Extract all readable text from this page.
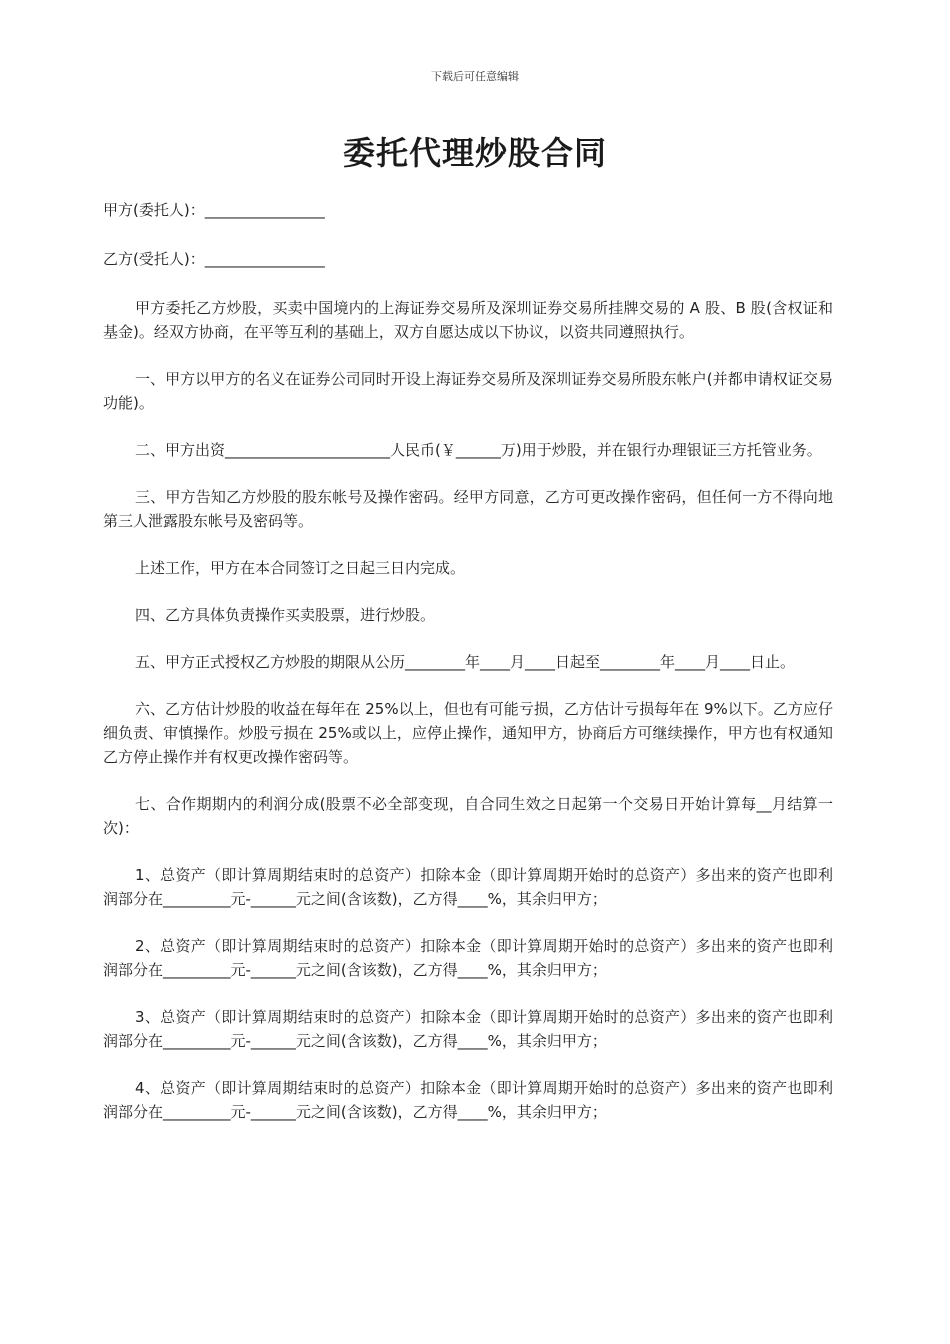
下载后可任意编辑
委托代理炒股合同

甲方(委托人)：________________

乙方(受托人)：________________

甲方委托乙方炒股，买卖中国境内的上海证券交易所及深圳证券交易所挂牌交易的 A 股、B 股(含权证和基金)。经双方协商，在平等互利的基础上，双方自愿达成以下协议，以资共同遵照执行。

一、甲方以甲方的名义在证券公司同时开设上海证券交易所及深圳证券交易所股东帐户(并都申请权证交易功能)。

二、甲方出资______________________人民币(￥______万)用于炒股，并在银行办理银证三方托管业务。

三、甲方告知乙方炒股的股东帐号及操作密码。经甲方同意，乙方可更改操作密码，但任何一方不得向地第三人泄露股东帐号及密码等。

上述工作，甲方在本合同签订之日起三日内完成。

四、乙方具体负责操作买卖股票，进行炒股。

五、甲方正式授权乙方炒股的期限从公历________年____月____日起至________年____月____日止。

六、乙方估计炒股的收益在每年在 25%以上，但也有可能亏损，乙方估计亏损每年在 9%以下。乙方应仔细负责、审慎操作。炒股亏损在 25%或以上，应停止操作，通知甲方，协商后方可继续操作，甲方也有权通知乙方停止操作并有权更改操作密码等。

七、合作期期内的利润分成(股票不必全部变现，自合同生效之日起第一个交易日开始计算每__月结算一次)：

1、总资产（即计算周期结束时的总资产）扣除本金（即计算周期开始时的总资产）多出来的资产也即利润部分在_________元-______元之间(含该数)，乙方得____%，其余归甲方；

2、总资产（即计算周期结束时的总资产）扣除本金（即计算周期开始时的总资产）多出来的资产也即利润部分在_________元-______元之间(含该数)，乙方得____%，其余归甲方；

3、总资产（即计算周期结束时的总资产）扣除本金（即计算周期开始时的总资产）多出来的资产也即利润部分在_________元-______元之间(含该数)，乙方得____%，其余归甲方；

4、总资产（即计算周期结束时的总资产）扣除本金（即计算周期开始时的总资产）多出来的资产也即利润部分在_________元-______元之间(含该数)，乙方得____%，其余归甲方；
